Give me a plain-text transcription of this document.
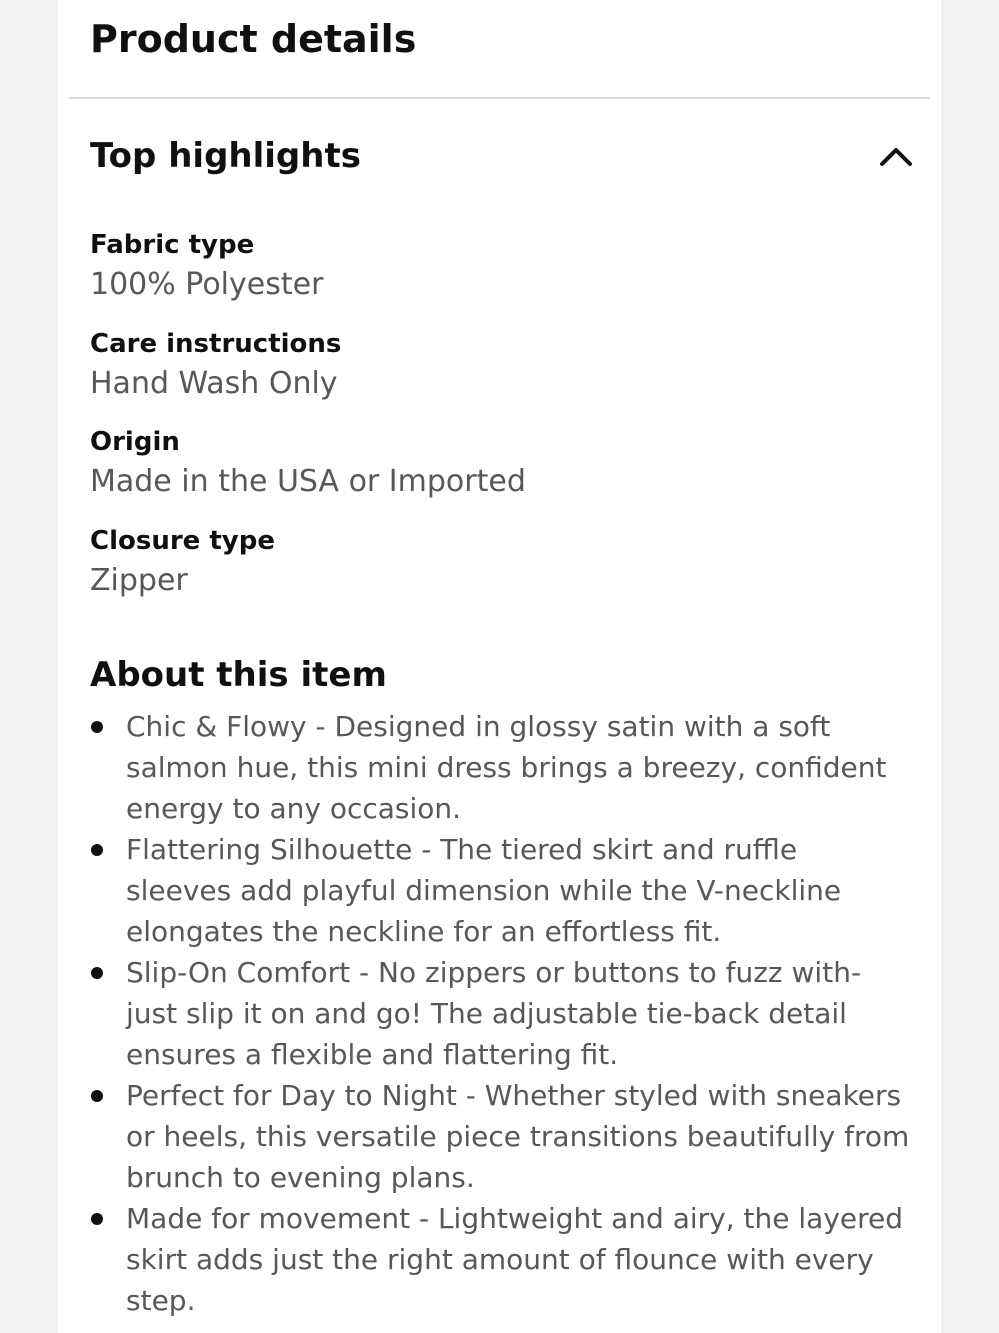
Product details
Top highlights
Fabric type
100% Polyester
Care instructions
Hand Wash Only
Origin
Made in the USA or Imported
Closure type
Zipper
About this item
Chic & Flowy - Designed in glossy satin with a soft salmon hue, this mini dress brings a breezy, confident energy to any occasion.
Flattering Silhouette - The tiered skirt and ruffle sleeves add playful dimension while the V-neckline elongates the neckline for an effortless fit.
Slip-On Comfort - No zippers or buttons to fuzz with- just slip it on and go! The adjustable tie-back detail ensures a flexible and flattering fit.
Perfect for Day to Night - Whether styled with sneakers or heels, this versatile piece transitions beautifully from brunch to evening plans.
Made for movement - Lightweight and airy, the layered skirt adds just the right amount of flounce with every step.
